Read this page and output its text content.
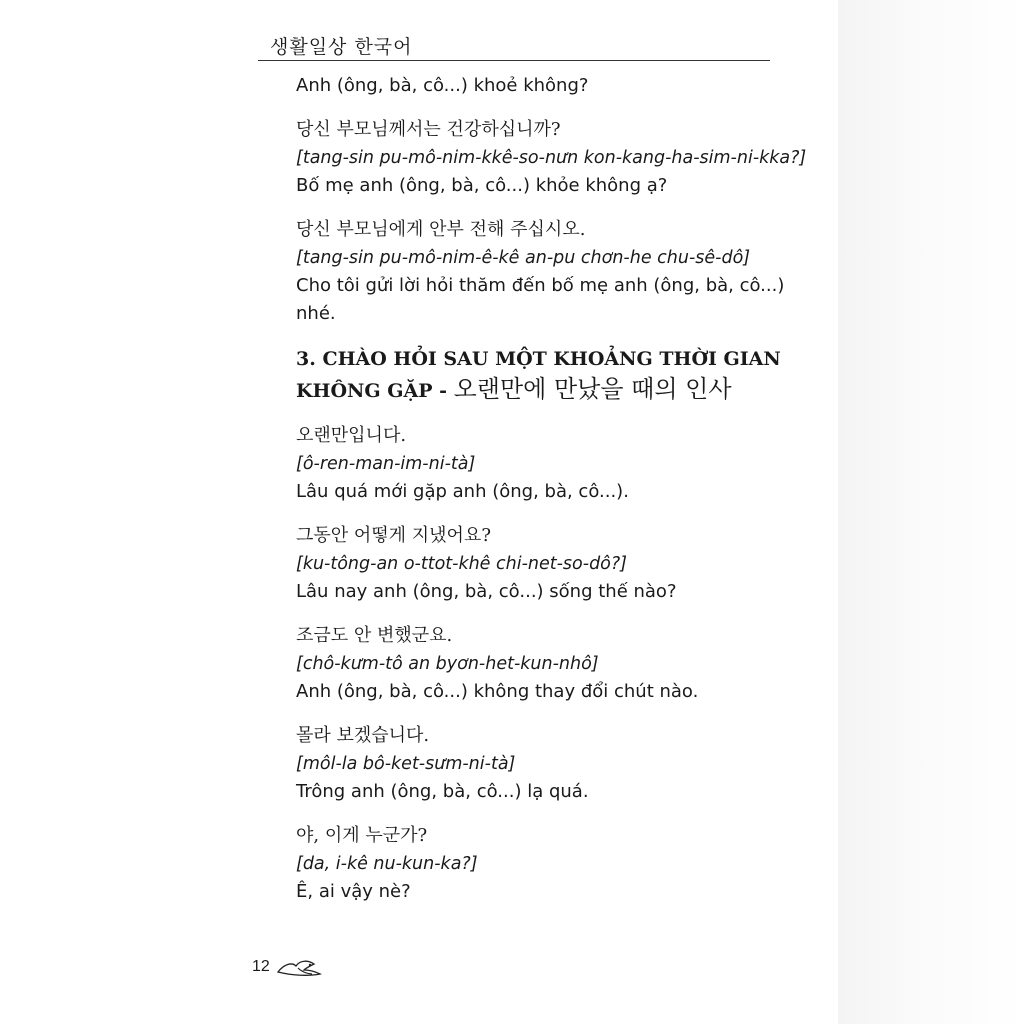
생활일상 한국어
Anh (ông, bà, cô...) khoẻ không?
당신 부모님께서는 건강하십니까?
[tang-sin pu-mô-nim-kkê-so-nưn kon-kang-ha-sim-ni-kka?]
Bố mẹ anh (ông, bà, cô...) khỏe không ạ?
당신 부모님에게 안부 전해 주십시오.
[tang-sin pu-mô-nim-ê-kê an-pu chơn-he chu-sê-dô]
Cho tôi gửi lời hỏi thăm đến bố mẹ anh (ông, bà, cô...)
nhé.
3. CHÀO HỎI SAU MỘT KHOẢNG THỜI GIAN
KHÔNG GẶP - 오랜만에 만났을 때의 인사
오랜만입니다.
[ô-ren-man-im-ni-tà]
Lâu quá mới gặp anh (ông, bà, cô...).
그동안 어떻게 지냈어요?
[ku-tông-an o-ttot-khê chi-net-so-dô?]
Lâu nay anh (ông, bà, cô...) sống thế nào?
조금도 안 변했군요.
[chô-kưm-tô an byơn-het-kun-nhô]
Anh (ông, bà, cô...) không thay đổi chút nào.
몰라 보겠습니다.
[môl-la bô-ket-sưm-ni-tà]
Trông anh (ông, bà, cô...) lạ quá.
야, 이게 누군가?
[da, i-kê nu-kun-ka?]
Ê, ai vậy nè?
12
